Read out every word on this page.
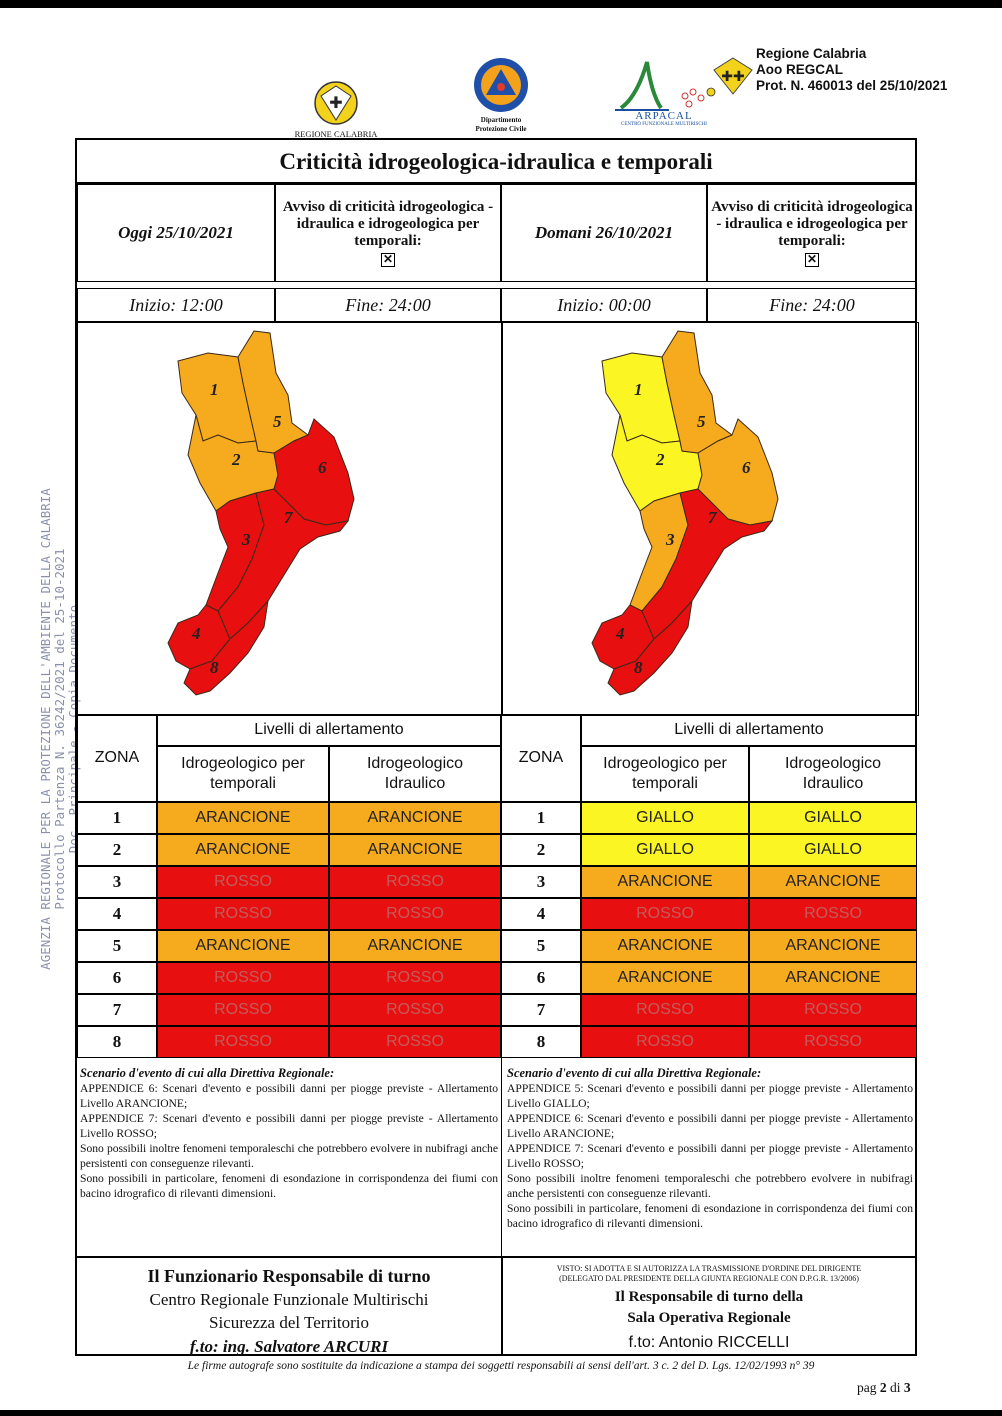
AGENZIA REGIONALE PER LA PROTEZIONE DELL'AMBIENTE DELLA CALABRIA Protocollo Partenza N. 36242/2021 del 25-10-2021 Doc. Principale - Copia Documento
✚
REGIONE CALABRIA
Dipartimento
Protezione Civile
ARPACAL
CENTRO FUNZIONALE MULTIRISCHI
✚✚
Regione Calabria
Aoo REGCAL
Prot. N. 460013 del 25/10/2021
Criticità idrogeologica-idraulica e temporali
Oggi 25/10/2021
Avviso di criticità idrogeologica - idraulica e idrogeologica per temporali:
✕
Domani 26/10/2021
Avviso di criticità idrogeologica - idraulica e idrogeologica per temporali:
✕
Inizio: 12:00	Fine: 24:00	Inizio: 00:00	Fine: 24:00
1
2
3
4
5
6
7
8
1
2
3
4
5
6
7
8
ZONA
Livelli di allertamento
Idrogeologico per temporali
Idrogeologico Idraulico
1	ARANCIONE	ARANCIONE
2	ARANCIONE	ARANCIONE
3	ROSSO	ROSSO
4	ROSSO	ROSSO
5	ARANCIONE	ARANCIONE
6	ROSSO	ROSSO
7	ROSSO	ROSSO
8	ROSSO	ROSSO
ZONA
Livelli di allertamento
Idrogeologico per temporali
Idrogeologico Idraulico
1	GIALLO	GIALLO
2	GIALLO	GIALLO
3	ARANCIONE	ARANCIONE
4	ROSSO	ROSSO
5	ARANCIONE	ARANCIONE
6	ARANCIONE	ARANCIONE
7	ROSSO	ROSSO
8	ROSSO	ROSSO
Scenario d'evento di cui alla Direttiva Regionale:
APPENDICE 6: Scenari d'evento e possibili danni per piogge previste - Allertamento Livello ARANCIONE;
APPENDICE 7: Scenari d'evento e possibili danni per piogge previste - Allertamento Livello ROSSO;
Sono possibili inoltre fenomeni temporaleschi che potrebbero evolvere in nubifragi anche persistenti con conseguenze rilevanti.
Sono possibili in particolare, fenomeni di esondazione in corrispondenza dei fiumi con bacino idrografico di rilevanti dimensioni.
Scenario d'evento di cui alla Direttiva Regionale:
APPENDICE 5: Scenari d'evento e possibili danni per piogge previste - Allertamento Livello GIALLO;
APPENDICE 6: Scenari d'evento e possibili danni per piogge previste - Allertamento Livello ARANCIONE;
APPENDICE 7: Scenari d'evento e possibili danni per piogge previste - Allertamento Livello ROSSO;
Sono possibili inoltre fenomeni temporaleschi che potrebbero evolvere in nubifragi anche persistenti con conseguenze rilevanti.
Sono possibili in particolare, fenomeni di esondazione in corrispondenza dei fiumi con bacino idrografico di rilevanti dimensioni.
Il Funzionario Responsabile di turno
Centro Regionale Funzionale Multirischi
Sicurezza del Territorio
f.to: ing. Salvatore ARCURI
VISTO: SI ADOTTA E SI AUTORIZZA LA TRASMISSIONE D'ORDINE DEL DIRIGENTE
(DELEGATO DAL PRESIDENTE DELLA GIUNTA REGIONALE CON D.P.G.R. 13/2006)
Il Responsabile di turno della
Sala Operativa Regionale
f.to: Antonio RICCELLI
Le firme autografe sono sostituite da indicazione a stampa dei soggetti responsabili ai sensi dell'art. 3 c. 2 del D. Lgs. 12/02/1993 n° 39
pag 2 di 3
